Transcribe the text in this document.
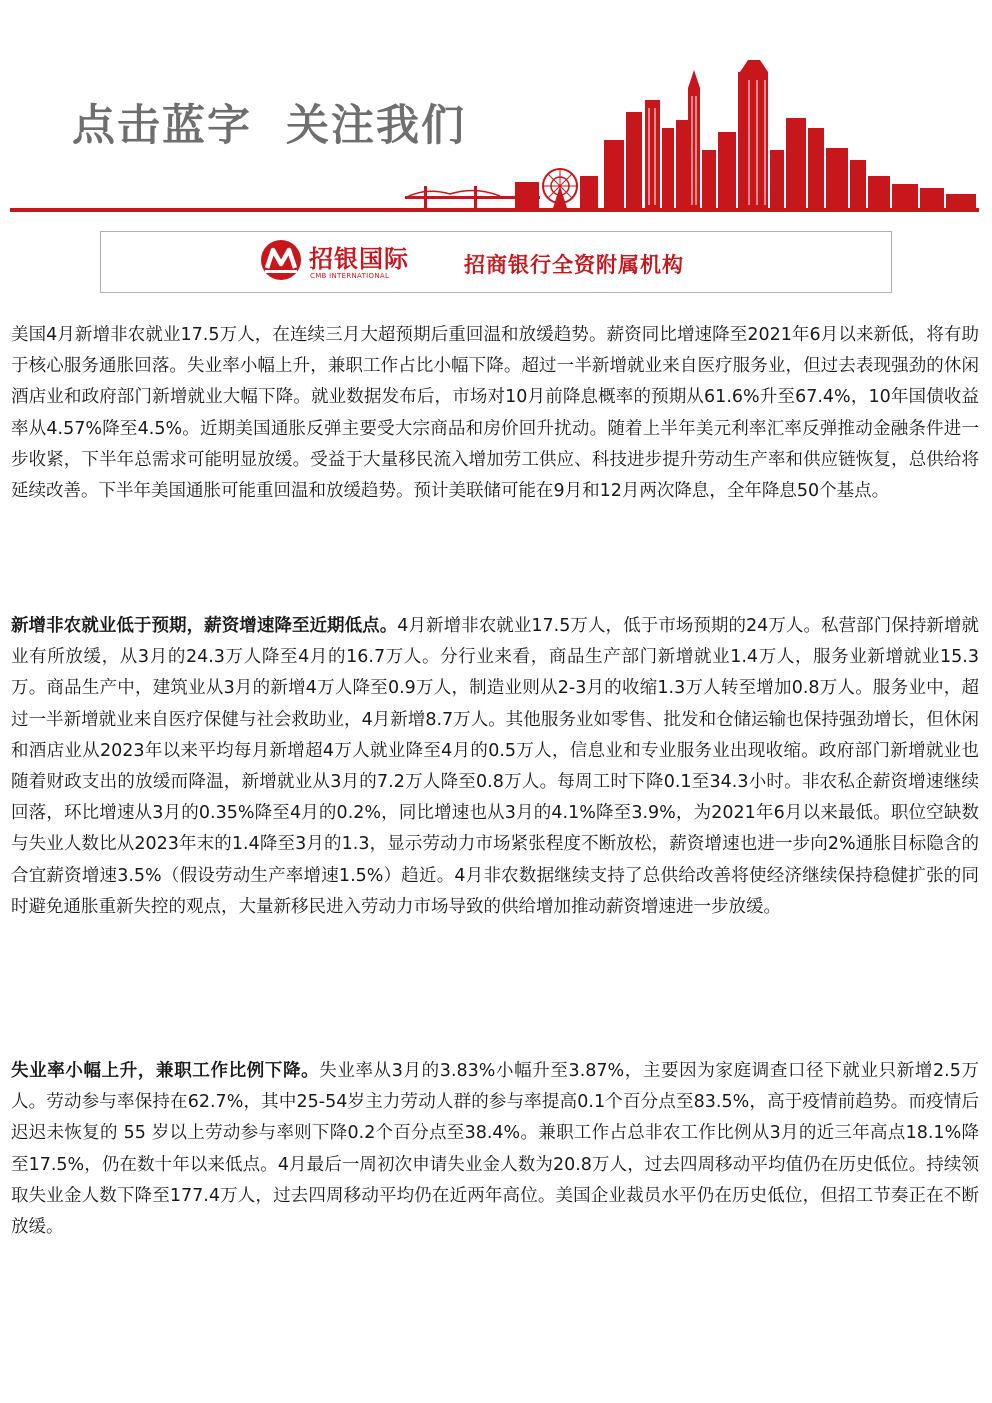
点击蓝字  关注我们
招银国际
CMB INTERNATIONAL	招商银行全资附属机构

美国4月新增非农就业17.5万人，在连续三月大超预期后重回温和放缓趋势。薪资同比增速降至2021年6月以来新低，将有助于核心服务通胀回落。失业率小幅上升，兼职工作占比小幅下降。超过一半新增就业来自医疗服务业，但过去表现强劲的休闲酒店业和政府部门新增就业大幅下降。就业数据发布后，市场对10月前降息概率的预期从61.6%升至67.4%，10年国债收益率从4.57%降至4.5%。近期美国通胀反弹主要受大宗商品和房价回升扰动。随着上半年美元利率汇率反弹推动金融条件进一步收紧，下半年总需求可能明显放缓。受益于大量移民流入增加劳工供应、科技进步提升劳动生产率和供应链恢复，总供给将延续改善。下半年美国通胀可能重回温和放缓趋势。预计美联储可能在9月和12月两次降息，全年降息50个基点。

新增非农就业低于预期，薪资增速降至近期低点。4月新增非农就业17.5万人，低于市场预期的24万人。私营部门保持新增就业有所放缓，从3月的24.3万人降至4月的16.7万人。分行业来看，商品生产部门新增就业1.4万人，服务业新增就业15.3万。商品生产中，建筑业从3月的新增4万人降至0.9万人，制造业则从2-3月的收缩1.3万人转至增加0.8万人。服务业中，超过一半新增就业来自医疗保健与社会救助业，4月新增8.7万人。其他服务业如零售、批发和仓储运输也保持强劲增长，但休闲和酒店业从2023年以来平均每月新增超4万人就业降至4月的0.5万人，信息业和专业服务业出现收缩。政府部门新增就业也随着财政支出的放缓而降温，新增就业从3月的7.2万人降至0.8万人。每周工时下降0.1至34.3小时。非农私企薪资增速继续回落，环比增速从3月的0.35%降至4月的0.2%，同比增速也从3月的4.1%降至3.9%，为2021年6月以来最低。职位空缺数与失业人数比从2023年末的1.4降至3月的1.3，显示劳动力市场紧张程度不断放松，薪资增速也进一步向2%通胀目标隐含的合宜薪资增速3.5%（假设劳动生产率增速1.5%）趋近。4月非农数据继续支持了总供给改善将使经济继续保持稳健扩张的同时避免通胀重新失控的观点，大量新移民进入劳动力市场导致的供给增加推动薪资增速进一步放缓。

失业率小幅上升，兼职工作比例下降。失业率从3月的3.83%小幅升至3.87%，主要因为家庭调查口径下就业只新增2.5万人。劳动参与率保持在62.7%，其中25-54岁主力劳动人群的参与率提高0.1个百分点至83.5%，高于疫情前趋势。而疫情后迟迟未恢复的 55 岁以上劳动参与率则下降0.2个百分点至38.4%。兼职工作占总非农工作比例从3月的近三年高点18.1%降至17.5%，仍在数十年以来低点。4月最后一周初次申请失业金人数为20.8万人，过去四周移动平均值仍在历史低位。持续领取失业金人数下降至177.4万人，过去四周移动平均仍在近两年高位。美国企业裁员水平仍在历史低位，但招工节奏正在不断放缓。
